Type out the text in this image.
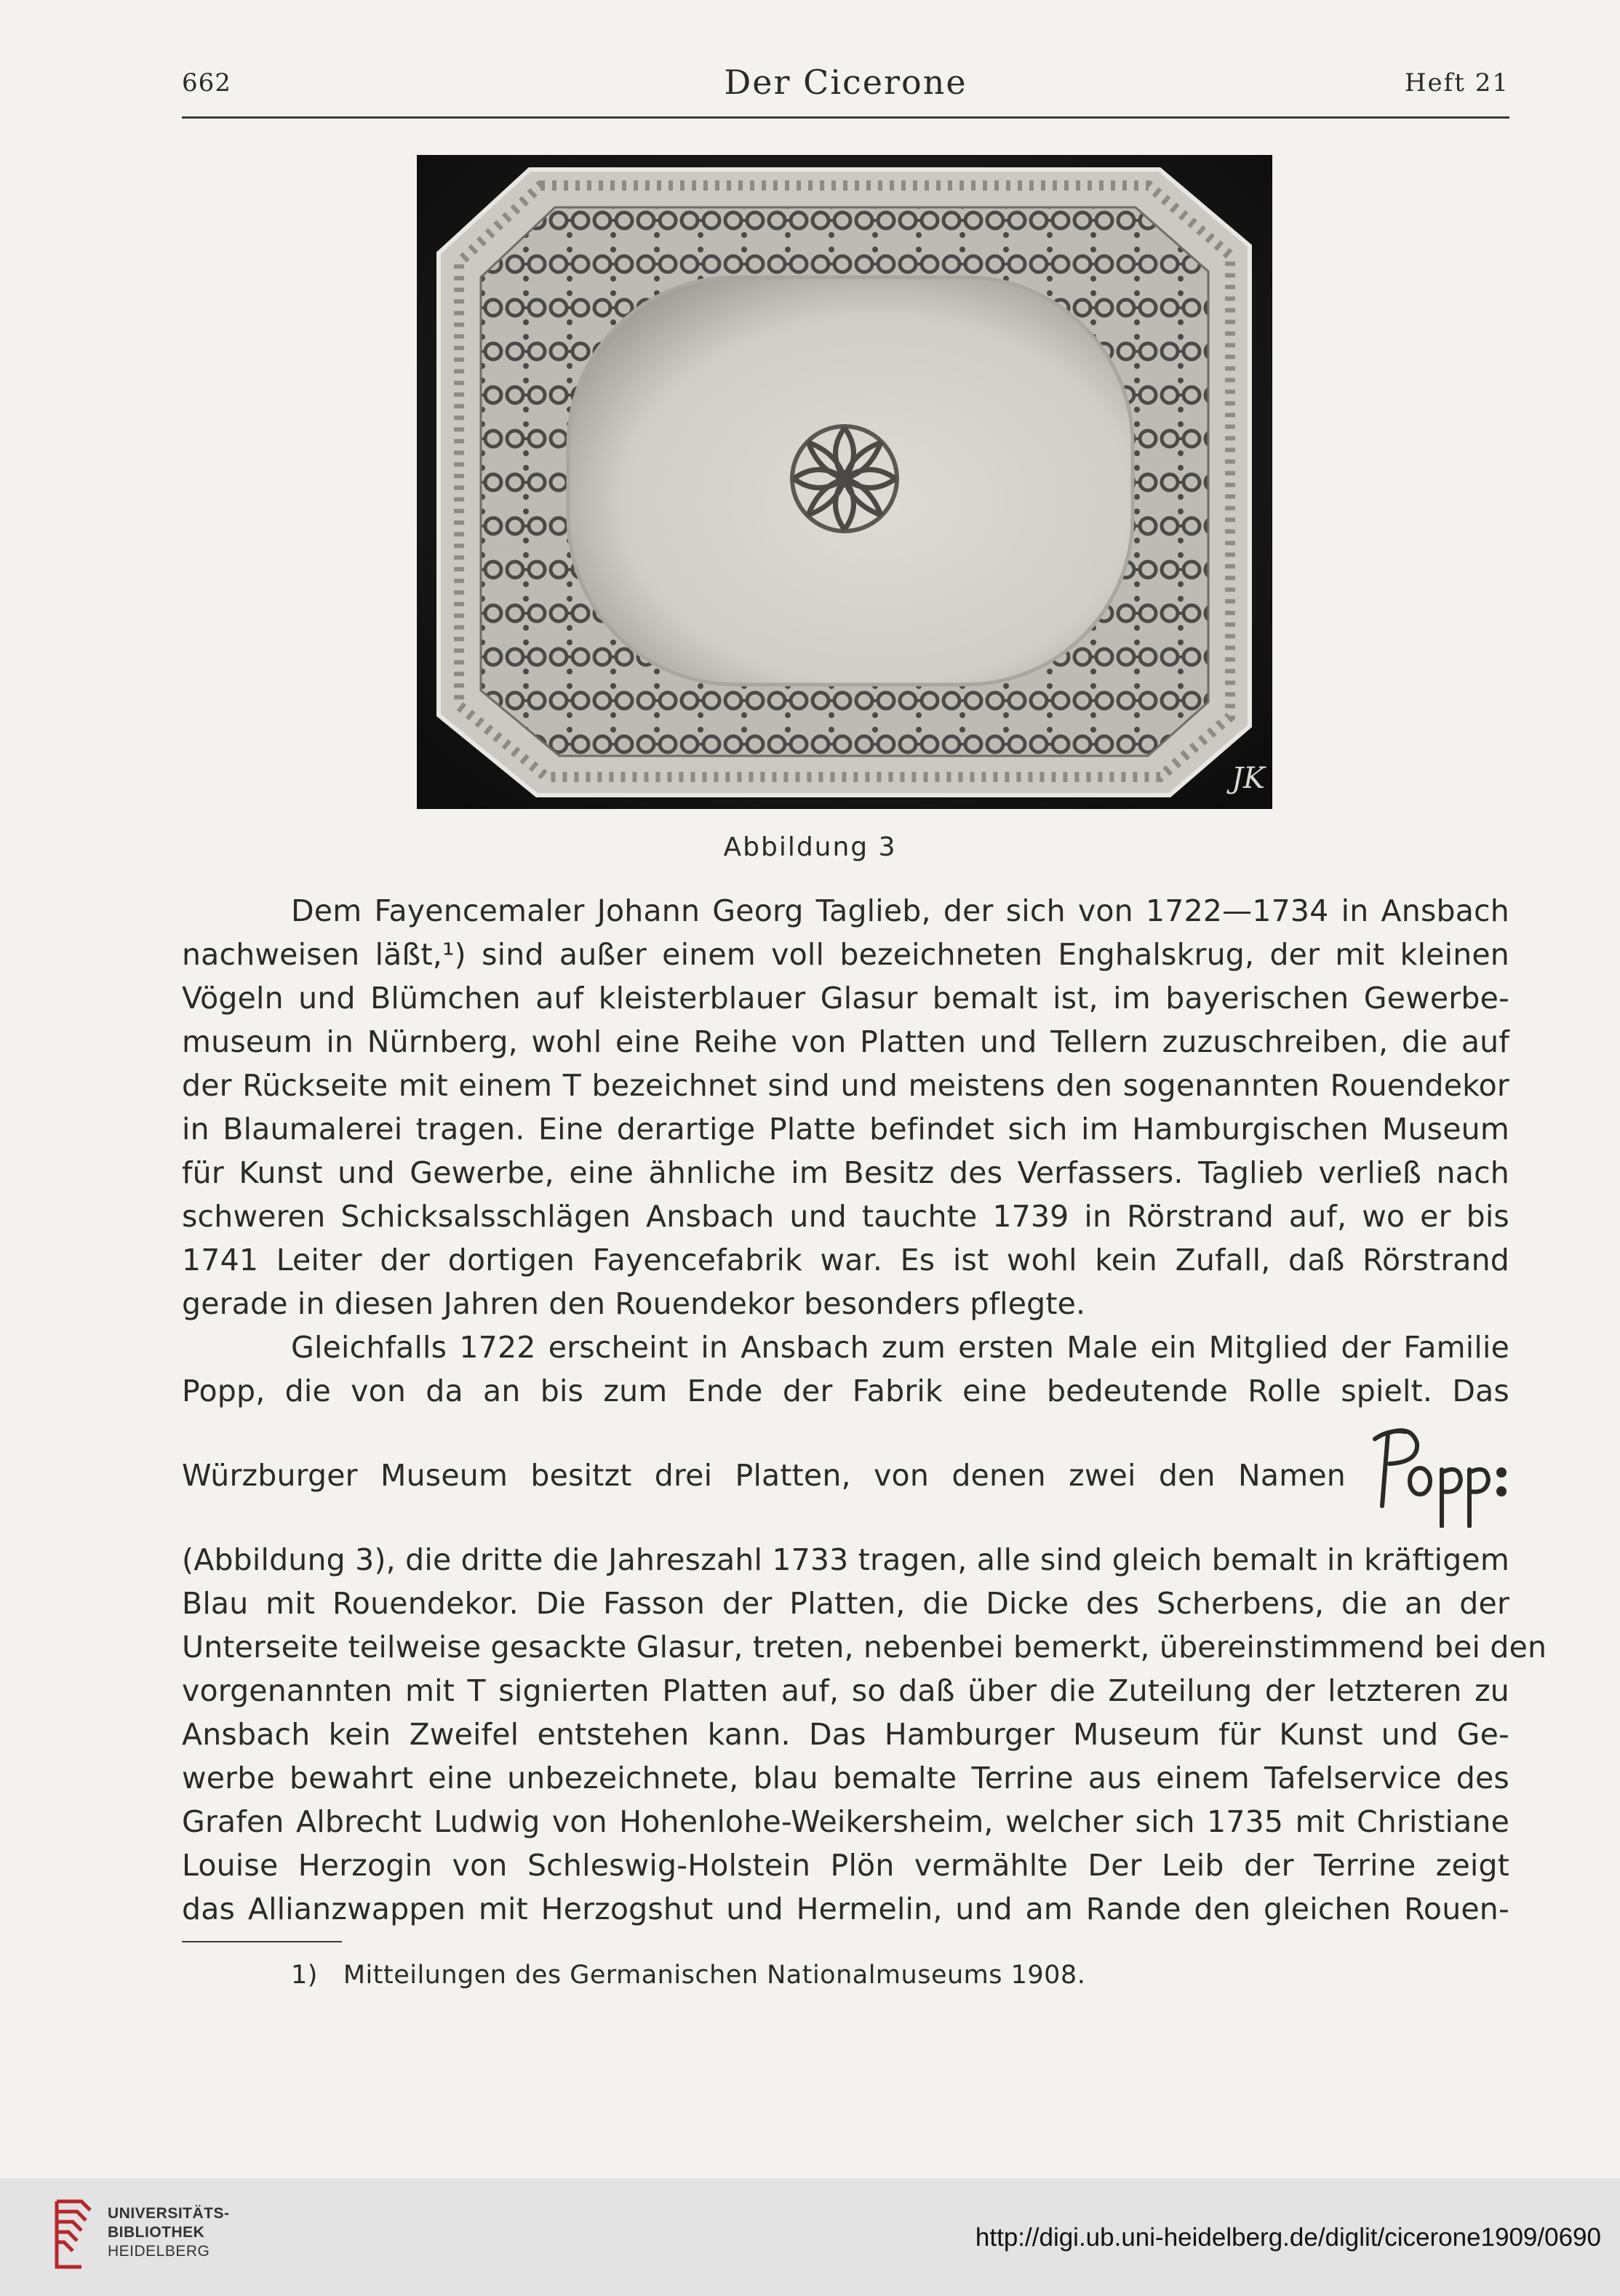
662	Der Cicerone	Heft 21
JK
Abbildung 3
Dem Fayencemaler Johann Georg Taglieb, der sich von 1722—1734 in Ansbach
nachweisen läßt,¹) sind außer einem voll bezeichneten Enghalskrug, der mit kleinen
Vögeln und Blümchen auf kleisterblauer Glasur bemalt ist, im bayerischen Gewerbe-
museum in Nürnberg, wohl eine Reihe von Platten und Tellern zuzuschreiben, die auf
der Rückseite mit einem T bezeichnet sind und meistens den sogenannten Rouendekor
in Blaumalerei tragen. Eine derartige Platte befindet sich im Hamburgischen Museum
für Kunst und Gewerbe, eine ähnliche im Besitz des Verfassers. Taglieb verließ nach
schweren Schicksalsschlägen Ansbach und tauchte 1739 in Rörstrand auf, wo er bis
1741 Leiter der dortigen Fayencefabrik war. Es ist wohl kein Zufall, daß Rörstrand
gerade in diesen Jahren den Rouendekor besonders pflegte.
Gleichfalls 1722 erscheint in Ansbach zum ersten Male ein Mitglied der Familie
Popp, die von da an bis zum Ende der Fabrik eine bedeutende Rolle spielt. Das
Würzburger Museum besitzt drei Platten, von denen zwei den Namen
(Abbildung 3), die dritte die Jahreszahl 1733 tragen, alle sind gleich bemalt in kräftigem
Blau mit Rouendekor. Die Fasson der Platten, die Dicke des Scherbens, die an der
Unterseite teilweise gesackte Glasur, treten, nebenbei bemerkt, übereinstimmend bei den
vorgenannten mit T signierten Platten auf, so daß über die Zuteilung der letzteren zu
Ansbach kein Zweifel entstehen kann. Das Hamburger Museum für Kunst und Ge-
werbe bewahrt eine unbezeichnete, blau bemalte Terrine aus einem Tafelservice des
Grafen Albrecht Ludwig von Hohenlohe-Weikersheim, welcher sich 1735 mit Christiane
Louise Herzogin von Schleswig-Holstein Plön vermählte Der Leib der Terrine zeigt
das Allianzwappen mit Herzogshut und Hermelin, und am Rande den gleichen Rouen-
1) Mitteilungen des Germanischen Nationalmuseums 1908.
UNIVERSITÄTS-
BIBLIOTHEK
HEIDELBERG	http://digi.ub.uni-heidelberg.de/diglit/cicerone1909/0690
